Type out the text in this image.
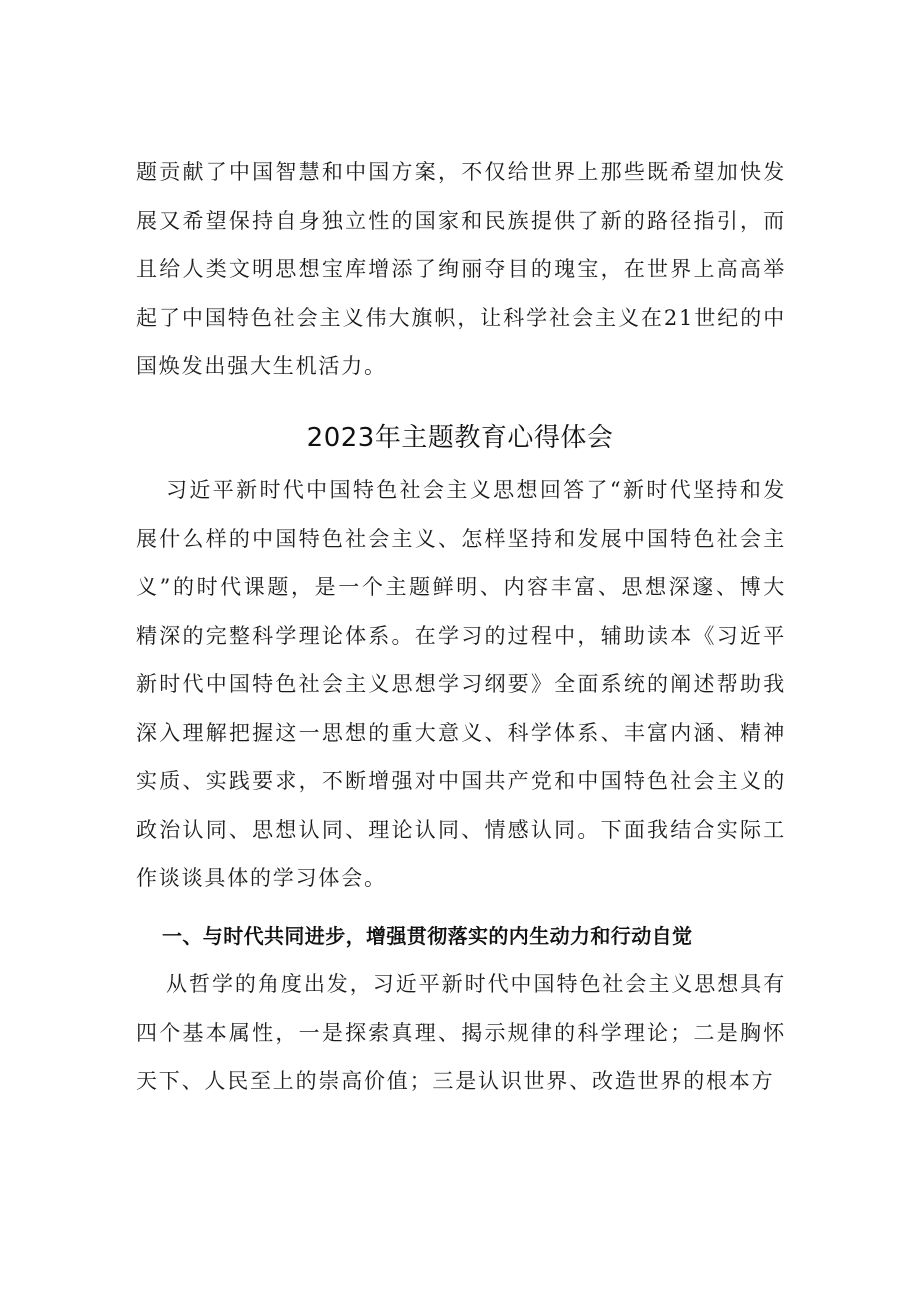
题贡献了中国智慧和中国方案，不仅给世界上那些既希望加快发展又希望保持自身独立性的国家和民族提供了新的路径指引，而且给人类文明思想宝库增添了绚丽夺目的瑰宝，在世界上高高举起了中国特色社会主义伟大旗帜，让科学社会主义在21世纪的中国焕发出强大生机活力。

2023年主题教育心得体会

习近平新时代中国特色社会主义思想回答了“新时代坚持和发展什么样的中国特色社会主义、怎样坚持和发展中国特色社会主义”的时代课题，是一个主题鲜明、内容丰富、思想深邃、博大精深的完整科学理论体系。在学习的过程中，辅助读本《习近平新时代中国特色社会主义思想学习纲要》全面系统的阐述帮助我深入理解把握这一思想的重大意义、科学体系、丰富内涵、精神实质、实践要求，不断增强对中国共产党和中国特色社会主义的政治认同、思想认同、理论认同、情感认同。下面我结合实际工作谈谈具体的学习体会。

一、与时代共同进步，增强贯彻落实的内生动力和行动自觉

从哲学的角度出发，习近平新时代中国特色社会主义思想具有四个基本属性，一是探索真理、揭示规律的科学理论；二是胸怀天下、人民至上的崇高价值；三是认识世界、改造世界的根本方
